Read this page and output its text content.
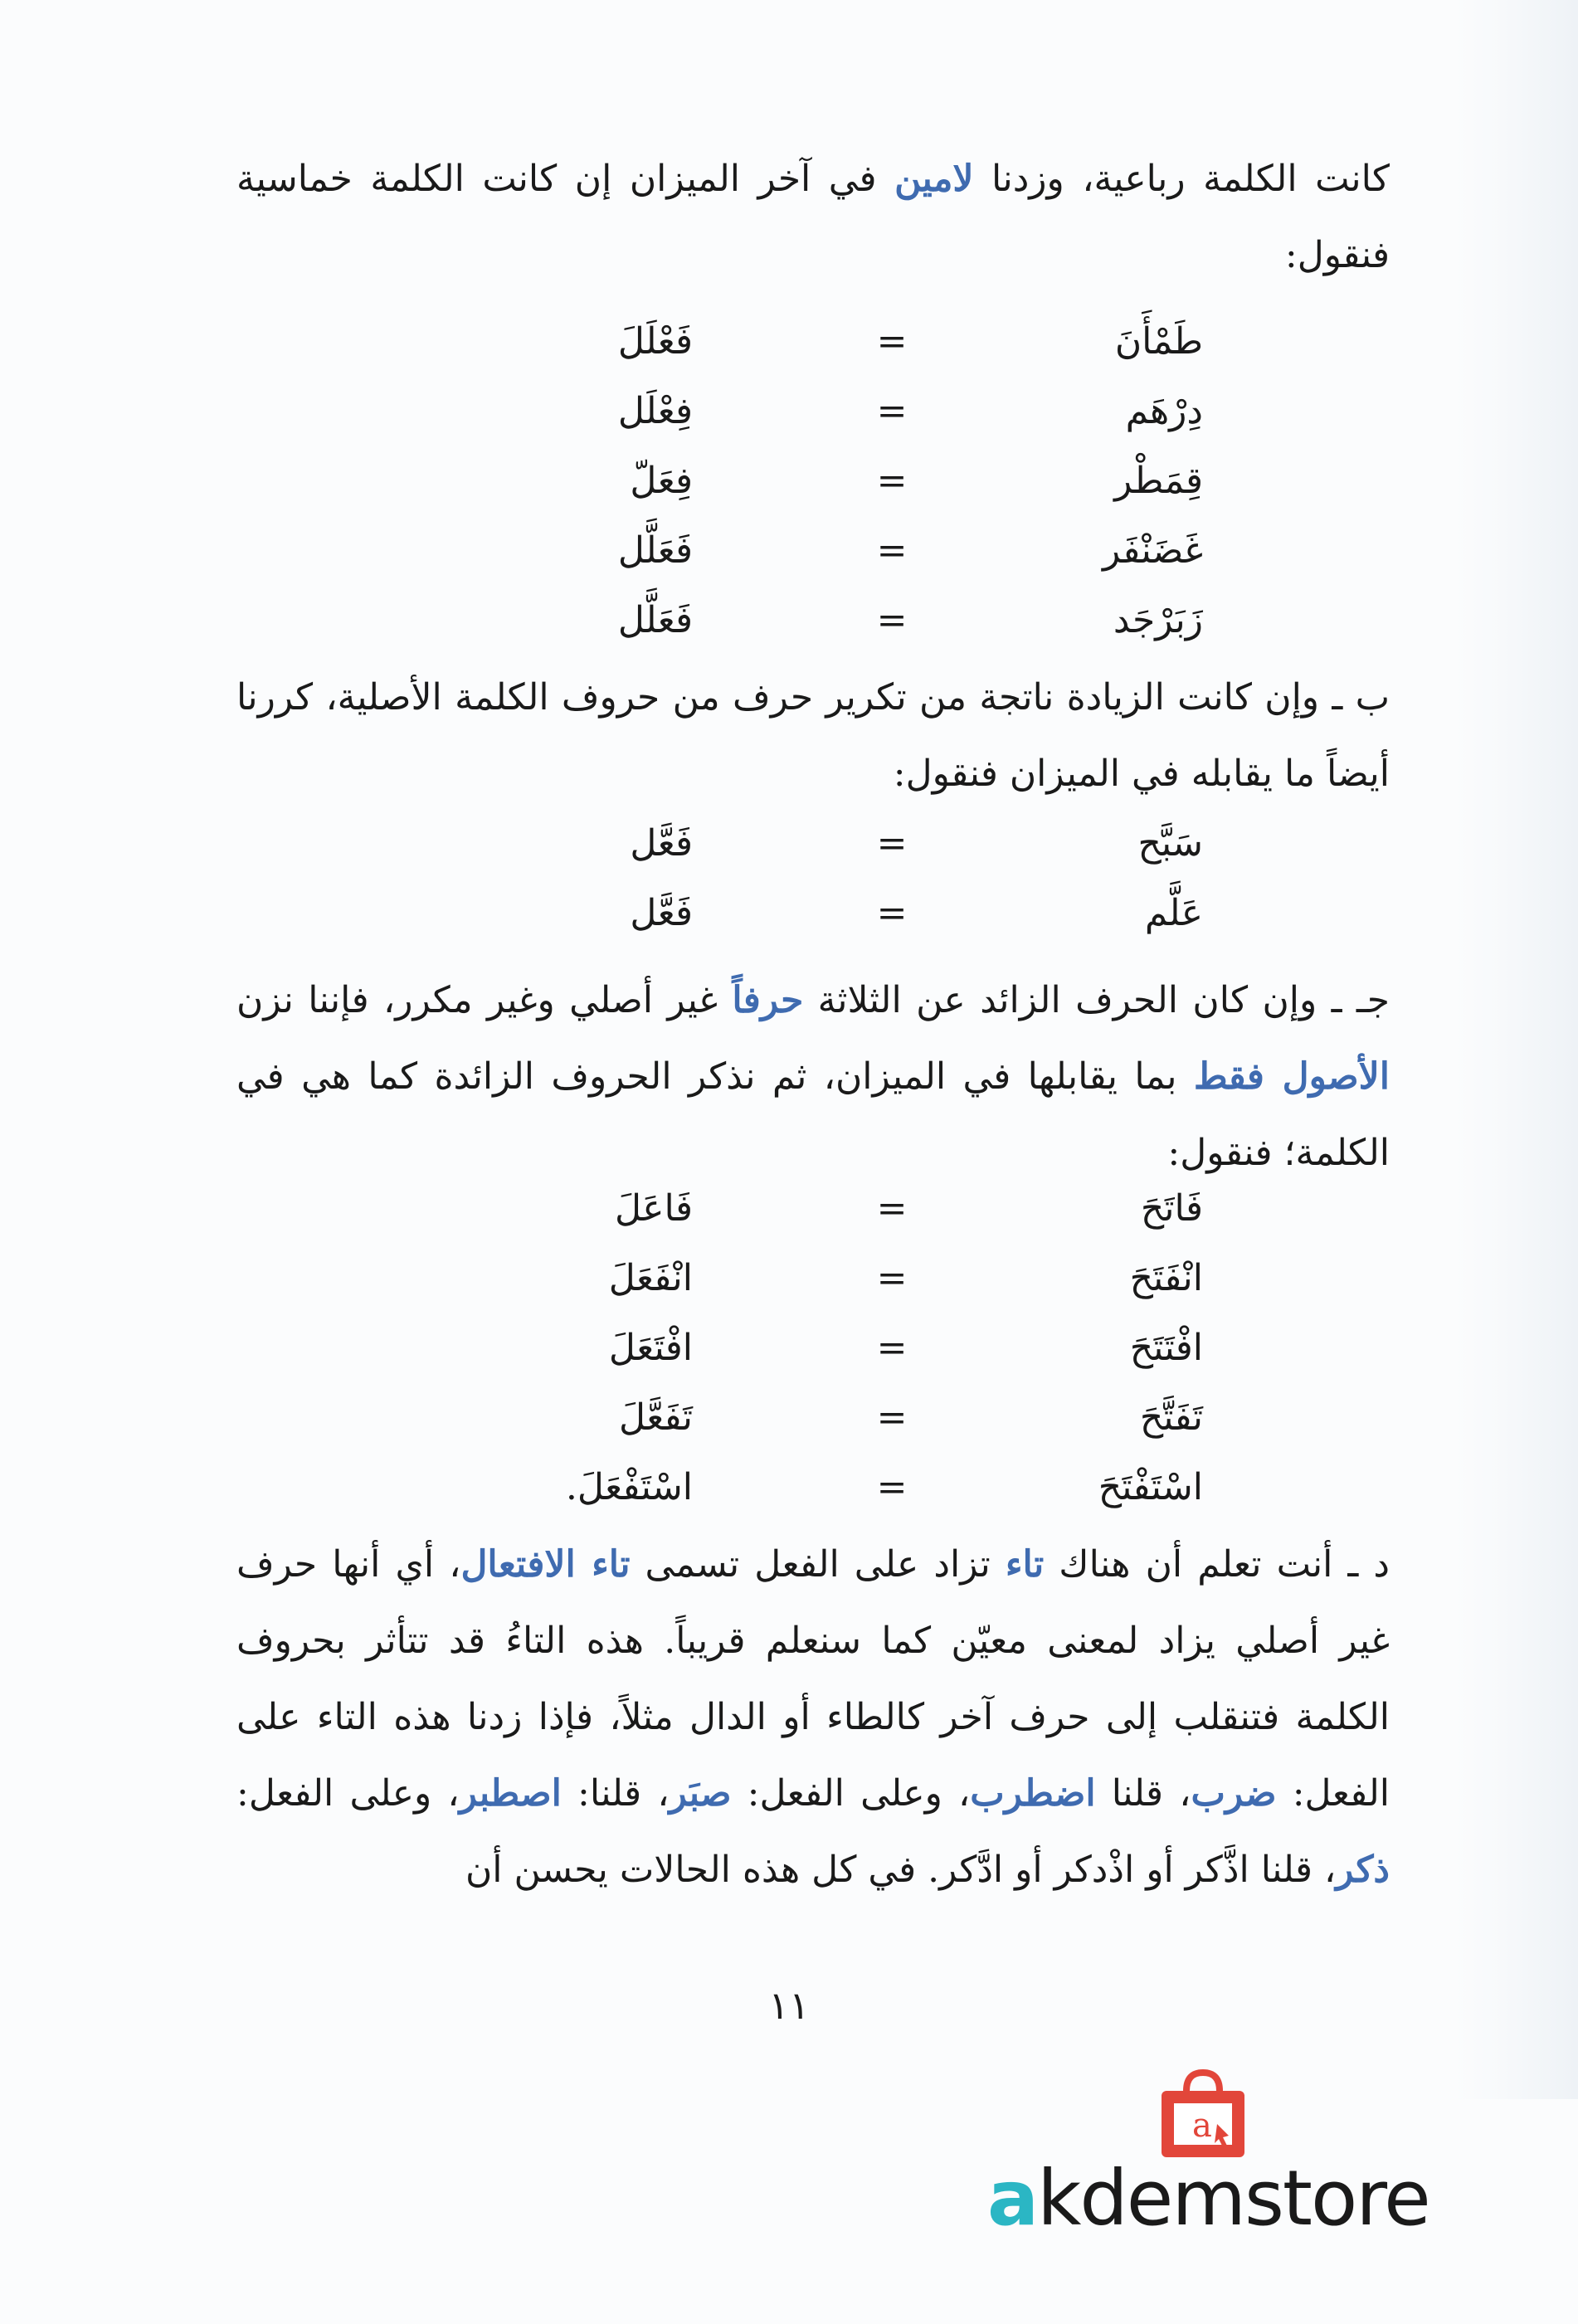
كانت الكلمة رباعية، وزدنا لامين في آخر الميزان إن كانت الكلمة خماسية فنقول:

طَمْأَنَ
=
فَعْلَلَ
دِرْهَم
=
فِعْلَل
قِمَطْر
=
فِعَلّ
غَضَنْفَر
=
فَعَلَّل
زَبَرْجَد
=
فَعَلَّل

ب ـ وإن كانت الزيادة ناتجة من تكرير حرف من حروف الكلمة الأصلية، كررنا أيضاً ما يقابله في الميزان فنقول:

سَبَّح
=
فَعَّل
عَلَّم
=
فَعَّل

جـ ـ وإن كان الحرف الزائد عن الثلاثة حرفاً غير أصلي وغير مكرر، فإننا نزن الأصول فقط بما يقابلها في الميزان، ثم نذكر الحروف الزائدة كما هي في الكلمة؛ فنقول:

فَاتَحَ
=
فَاعَلَ
انْفَتَحَ
=
انْفَعَلَ
افْتَتَحَ
=
افْتَعَلَ
تَفَتَّحَ
=
تَفَعَّلَ
اسْتَفْتَحَ
=
اسْتَفْعَلَ.

د ـ أنت تعلم أن هناك تاء تزاد على الفعل تسمى تاء الافتعال، أي أنها حرف غير أصلي يزاد لمعنى معيّن كما سنعلم قريباً. هذه التاءُ قد تتأثر بحروف الكلمة فتنقلب إلى حرف آخر كالطاء أو الدال مثلاً، فإذا زدنا هذه التاء على الفعل: ضرب، قلنا اضطرب، وعلى الفعل: صبَر، قلنا: اصطبر، وعلى الفعل: ذكر، قلنا اذَّكر أو اذْدكر أو ادَّكر. في كل هذه الحالات يحسن أن

١١
a
akdemstore
